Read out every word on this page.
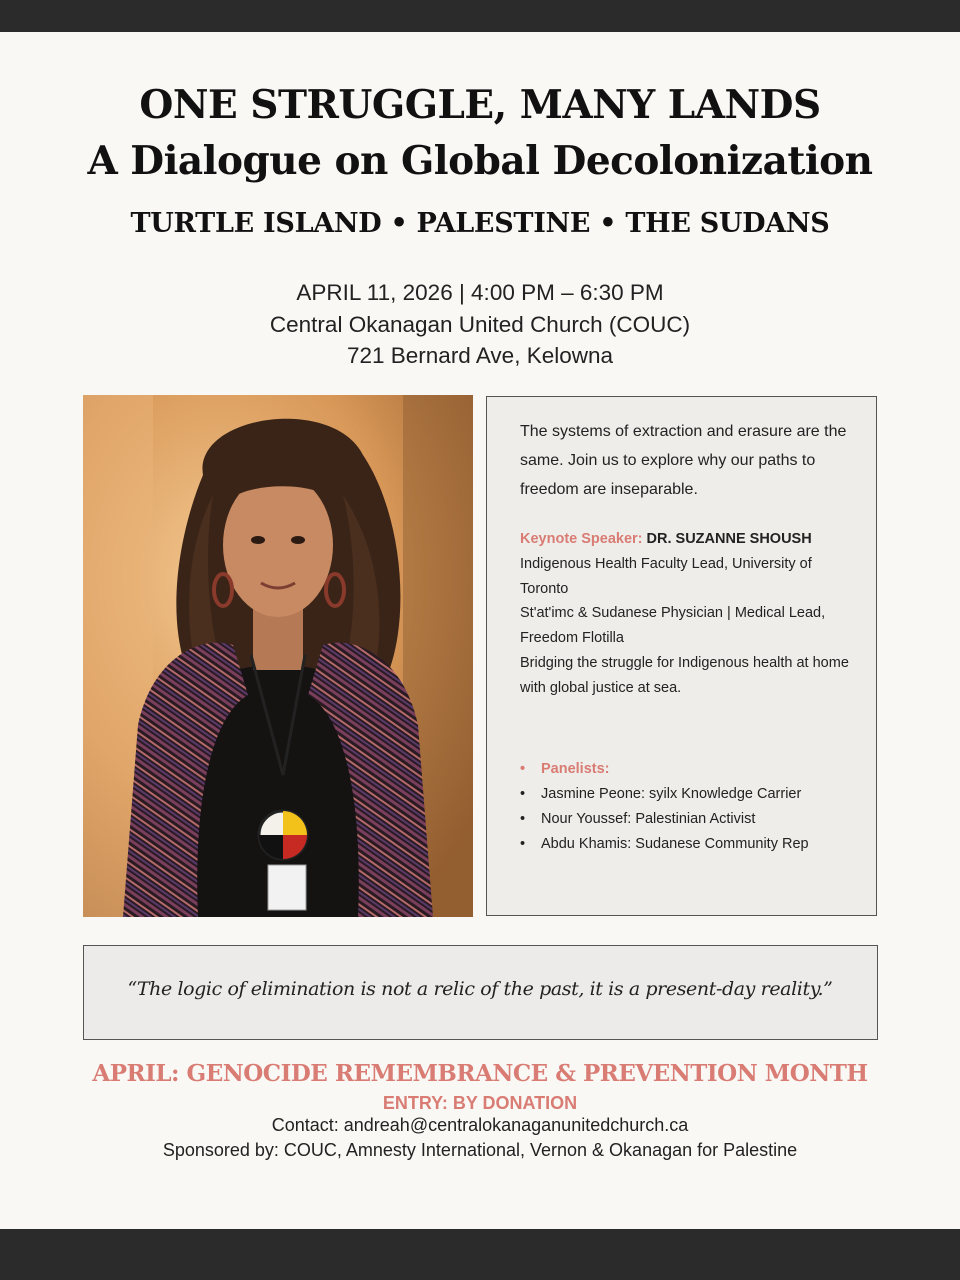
ONE STRUGGLE, MANY LANDS
A Dialogue on Global Decolonization
TURTLE ISLAND • PALESTINE • THE SUDANS
APRIL 11, 2026 | 4:00 PM – 6:30 PM
Central Okanagan United Church (COUC)
721 Bernard Ave, Kelowna
The systems of extraction and erasure are the same. Join us to explore why our paths to freedom are inseparable.
Keynote Speaker: DR. SUZANNE SHOUSH
Indigenous Health Faculty Lead, University of Toronto
St'at'imc & Sudanese Physician | Medical Lead, Freedom Flotilla
Bridging the struggle for Indigenous health at home with global justice at sea.
•	Panelists:
•	Jasmine Peone: syilx Knowledge Carrier
•	Nour Youssef: Palestinian Activist
•	Abdu Khamis: Sudanese Community Rep
“The logic of elimination is not a relic of the past, it is a present-day reality.”
APRIL: GENOCIDE REMEMBRANCE & PREVENTION MONTH
ENTRY: BY DONATION
Contact: andreah@centralokanaganunitedchurch.ca
Sponsored by: COUC, Amnesty International, Vernon & Okanagan for Palestine
